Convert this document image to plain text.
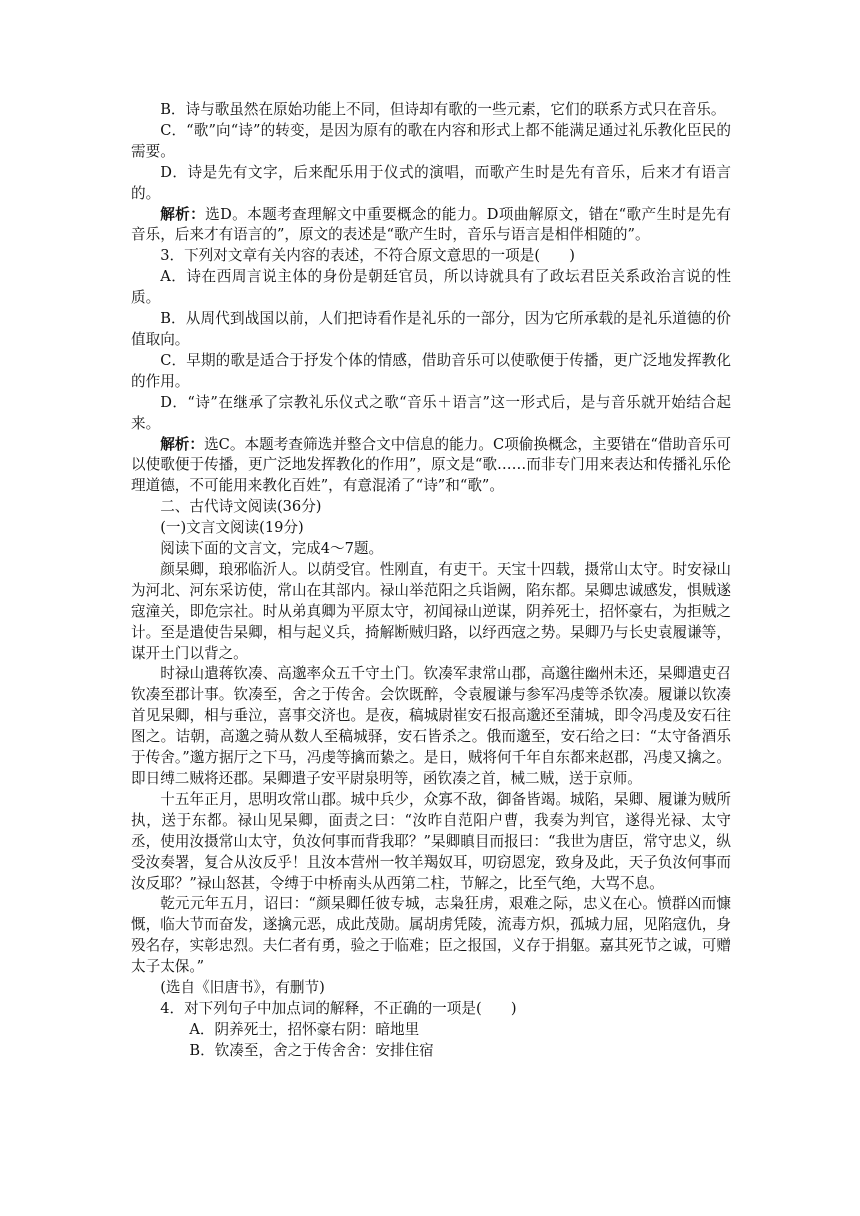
B．诗与歌虽然在原始功能上不同，但诗却有歌的一些元素，它们的联系方式只在音乐。

C．“歌”向“诗”的转变，是因为原有的歌在内容和形式上都不能满足通过礼乐教化臣民的需要。

D．诗是先有文字，后来配乐用于仪式的演唱，而歌产生时是先有音乐，后来才有语言的。

解析：选D。本题考查理解文中重要概念的能力。D项曲解原文，错在“歌产生时是先有音乐，后来才有语言的”，原文的表述是“歌产生时，音乐与语言是相伴相随的”。

3．下列对文章有关内容的表述，不符合原文意思的一项是(　　)

A．诗在西周言说主体的身份是朝廷官员，所以诗就具有了政坛君臣关系政治言说的性质。

B．从周代到战国以前，人们把诗看作是礼乐的一部分，因为它所承载的是礼乐道德的价值取向。

C．早期的歌是适合于抒发个体的情感，借助音乐可以使歌便于传播，更广泛地发挥教化的作用。

D．“诗”在继承了宗教礼乐仪式之歌“音乐＋语言”这一形式后，是与音乐就开始结合起来。

解析：选C。本题考查筛选并整合文中信息的能力。C项偷换概念，主要错在“借助音乐可以使歌便于传播，更广泛地发挥教化的作用”，原文是“歌……而非专门用来表达和传播礼乐伦理道德，不可能用来教化百姓”，有意混淆了“诗”和“歌”。

二、古代诗文阅读(36分)

(一)文言文阅读(19分)

阅读下面的文言文，完成4～7题。

颜杲卿，琅邪临沂人。以荫受官。性刚直，有吏干。天宝十四载，摄常山太守。时安禄山为河北、河东采访使，常山在其部内。禄山举范阳之兵诣阙，陷东都。杲卿忠诚感发，惧贼遂寇潼关，即危宗社。时从弟真卿为平原太守，初闻禄山逆谋，阴养死士，招怀豪右，为拒贼之计。至是遣使告杲卿，相与起义兵，掎解断贼归路，以纾西寇之势。杲卿乃与长史袁履谦等，谋开土门以背之。

时禄山遣蒋钦凑、高邈率众五千守土门。钦凑军隶常山郡，高邈往幽州未还，杲卿遣吏召钦凑至郡计事。钦凑至，舍之于传舍。会饮既醉，令袁履谦与参军冯虔等杀钦凑。履谦以钦凑首见杲卿，相与垂泣，喜事交济也。是夜，稿城尉崔安石报高邈还至蒲城，即令冯虔及安石往图之。诘朝，高邈之骑从数人至稿城驿，安石皆杀之。俄而邈至，安石给之曰：“太守备酒乐于传舍。”邈方据厅之下马，冯虔等擒而絷之。是日，贼将何千年自东都来赵郡，冯虔又擒之。即日缚二贼将还郡。杲卿遣子安平尉泉明等，函钦凑之首，械二贼，送于京师。

十五年正月，思明攻常山郡。城中兵少，众寡不敌，御备皆竭。城陷，杲卿、履谦为贼所执，送于东都。禄山见杲卿，面责之曰：“汝昨自范阳户曹，我奏为判官，遂得光禄、太守丞，使用汝摄常山太守，负汝何事而背我耶？”杲卿瞋目而报曰：“我世为唐臣，常守忠义，纵受汝奏署，复合从汝反乎！且汝本营州一牧羊羯奴耳，叨窃恩宠，致身及此，天子负汝何事而汝反耶？”禄山怒甚，令缚于中桥南头从西第二柱，节解之，比至气绝，大骂不息。

乾元元年五月，诏曰：“颜杲卿任彼专城，志枭狂虏，艰难之际，忠义在心。愤群凶而慷慨，临大节而奋发，遂擒元恶，成此茂勋。属胡虏凭陵，流毒方炽，孤城力屈，见陷寇仇，身殁名存，实彰忠烈。夫仁者有勇，验之于临难；臣之报国，义存于捐躯。嘉其死节之诚，可赠太子太保。”

(选自《旧唐书》，有删节)

4．对下列句子中加点词的解释，不正确的一项是(　　)

A．阴养死士，招怀豪右阴：暗地里

B．钦凑至，舍之于传舍舍：安排住宿
